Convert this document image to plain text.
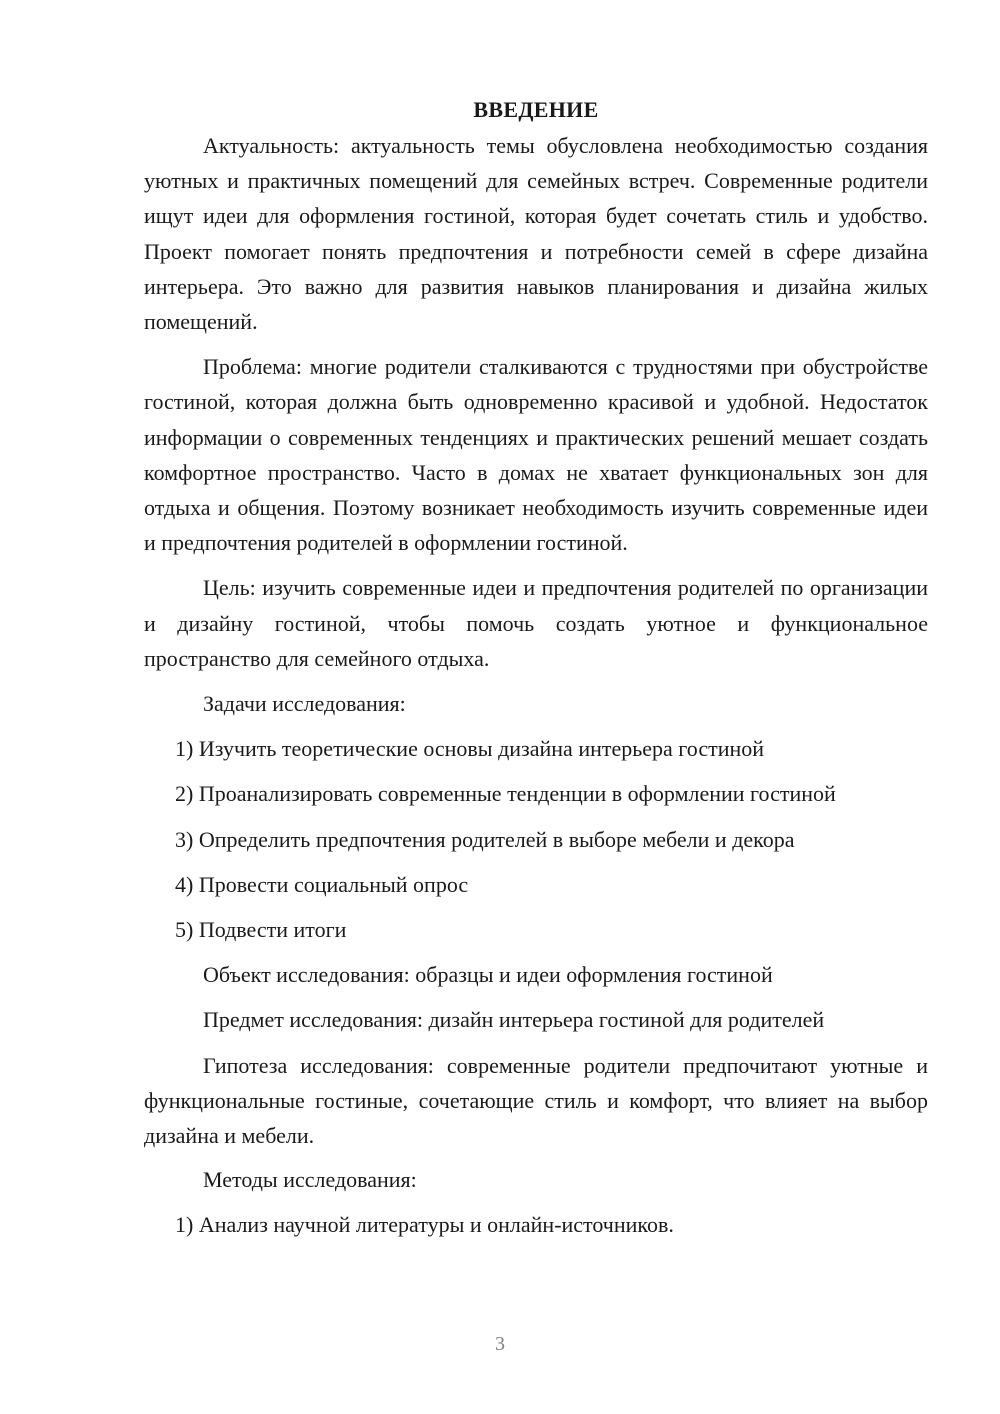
ВВЕДЕНИЕ

Актуальность: актуальность темы обусловлена необходимостью создания уютных и практичных помещений для семейных встреч. Современные родители ищут идеи для оформления гостиной, которая будет сочетать стиль и удобство. Проект помогает понять предпочтения и потребности семей в сфере дизайна интерьера. Это важно для развития навыков планирования и дизайна жилых помещений.

Проблема: многие родители сталкиваются с трудностями при обустройстве гостиной, которая должна быть одновременно красивой и удобной. Недостаток информации о современных тенденциях и практических решений мешает создать комфортное пространство. Часто в домах не хватает функциональных зон для отдыха и общения. Поэтому возникает необходимость изучить современные идеи и предпочтения родителей в оформлении гостиной.

Цель: изучить современные идеи и предпочтения родителей по организации и дизайну гостиной, чтобы помочь создать уютное и функциональное пространство для семейного отдыха.

Задачи исследования:
1) Изучить теоретические основы дизайна интерьера гостиной
2) Проанализировать современные тенденции в оформлении гостиной
3) Определить предпочтения родителей в выборе мебели и декора
4) Провести социальный опрос
5) Подвести итоги
Объект исследования: образцы и идеи оформления гостиной
Предмет исследования: дизайн интерьера гостиной для родителей

Гипотеза исследования: современные родители предпочитают уютные и функциональные гостиные, сочетающие стиль и комфорт, что влияет на выбор дизайна и мебели.

Методы исследования:
1) Анализ научной литературы и онлайн-источников.
3
